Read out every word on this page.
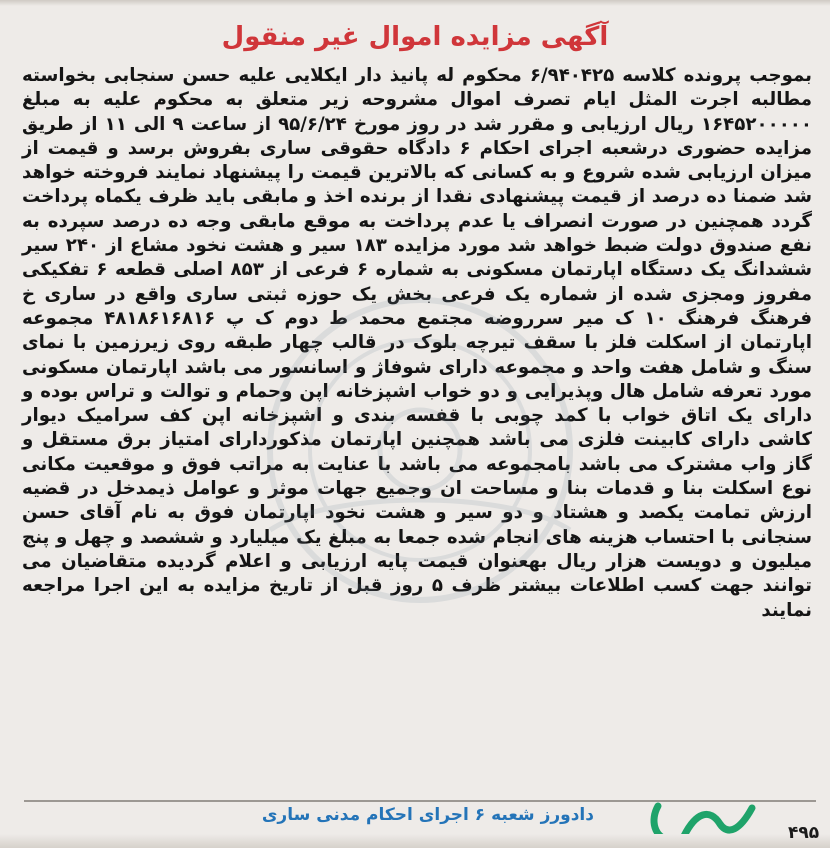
آگهی مزایده اموال غیر منقول
بموجب پرونده کلاسه ۶/۹۴۰۴۲۵ محکوم له پانیذ دار ایکلایی علیه حسن سنجابی بخواسته مطالبه اجرت المثل ایام تصرف اموال مشروحه زیر متعلق به محکوم علیه به مبلغ ۱۶۴۵۲۰۰۰۰۰ ریال ارزیابی و مقرر شد در روز مورخ ۹۵/۶/۲۴ از ساعت ۹ الی ۱۱ از طریق مزایده حضوری درشعبه اجرای احکام ۶ دادگاه حقوقی ساری بفروش برسد و قیمت از میزان ارزیابی شده شروع و به کسانی که بالاترین قیمت را پیشنهاد نمایند فروخته خواهد شد ضمنا ده درصد از قیمت پیشنهادی نقدا از برنده اخذ و مابقی باید ظرف یکماه پرداخت گردد همچنین در صورت انصراف یا عدم پرداخت به موقع مابقی وجه ده درصد سپرده به نفع صندوق دولت ضبط خواهد شد مورد مزایده ۱۸۳ سیر و هشت نخود مشاع از ۲۴۰ سیر ششدانگ یک دستگاه اپارتمان مسکونی به شماره ۶ فرعی از ۸۵۳ اصلی قطعه ۶ تفکیکی مفروز ومجزی شده از شماره یک فرعی بخش یک حوزه ثبتی ساری واقع در ساری خ فرهنگ فرهنگ ۱۰ ک میر سرروضه مجتمع محمد ط دوم ک پ ۴۸۱۸۶۱۶۸۱۶ مجموعه اپارتمان از اسکلت فلز با سقف تیرچه بلوک در قالب چهار طبقه روی زیرزمین با نمای سنگ و شامل هفت واحد و مجموعه دارای شوفاژ و اسانسور می باشد اپارتمان مسکونی مورد تعرفه شامل هال وپذیرایی و دو خواب اشپزخانه اپن وحمام و توالت و تراس بوده و دارای یک اتاق خواب با کمد چوبی با قفسه بندی و اشپزخانه اپن کف سرامیک دیوار کاشی دارای کابینت فلزی می باشد همچنین اپارتمان مذکوردارای امتیاز برق مستقل و گاز واب مشترک می باشد بامجموعه می باشد با عنایت به مراتب فوق و موقعیت مکانی نوع اسکلت بنا و قدمات بنا و مساحت ان وجمیع جهات موثر و عوامل ذیمدخل در قضیه ارزش تمامت یکصد و هشتاد و دو سیر و هشت نخود اپارتمان فوق به نام آقای حسن سنجانی با احتساب هزینه های انجام شده جمعا به مبلغ یک میلیارد و ششصد و چهل و پنج میلیون و دویست هزار ریال بهعنوان قیمت پایه ارزیابی و اعلام گردیده متقاضیان می توانند جهت کسب اطلاعات بیشتر ظرف ۵ روز قبل از تاریخ مزایده به این اجرا مراجعه نمایند
دادورز شعبه ۶ اجرای احکام مدنی ساری
۴۹۵
